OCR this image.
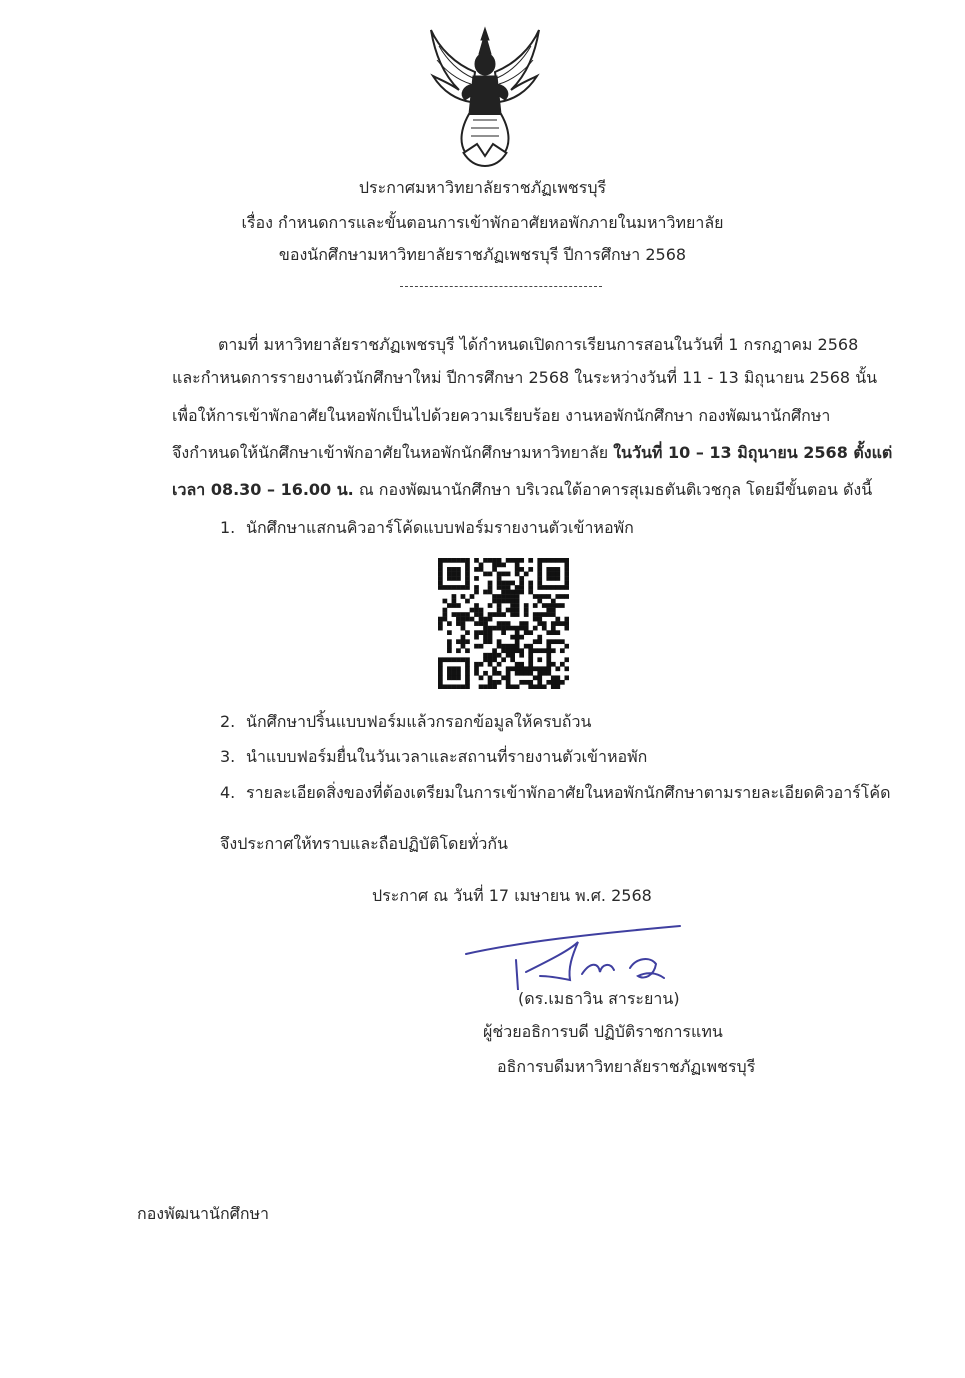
ประกาศมหาวิทยาลัยราชภัฏเพชรบุรี
เรื่อง กำหนดการและขั้นตอนการเข้าพักอาศัยหอพักภายในมหาวิทยาลัย
ของนักศึกษามหาวิทยาลัยราชภัฏเพชรบุรี ปีการศึกษา 2568
ตามที่ มหาวิทยาลัยราชภัฏเพชรบุรี ได้กำหนดเปิดการเรียนการสอนในวันที่ 1 กรกฎาคม 2568
และกำหนดการรายงานตัวนักศึกษาใหม่ ปีการศึกษา 2568 ในระหว่างวันที่ 11 - 13 มิถุนายน 2568 นั้น
เพื่อให้การเข้าพักอาศัยในหอพักเป็นไปด้วยความเรียบร้อย งานหอพักนักศึกษา กองพัฒนานักศึกษา
จึงกำหนดให้นักศึกษาเข้าพักอาศัยในหอพักนักศึกษามหาวิทยาลัย ในวันที่ 10 – 13 มิถุนายน 2568 ตั้งแต่
เวลา 08.30 – 16.00 น. ณ กองพัฒนานักศึกษา บริเวณใต้อาคารสุเมธตันติเวชกุล โดยมีขั้นตอน ดังนี้
1. นักศึกษาแสกนคิวอาร์โค้ดแบบฟอร์มรายงานตัวเข้าหอพัก
2. นักศึกษาปริ้นแบบฟอร์มแล้วกรอกข้อมูลให้ครบถ้วน
3. นำแบบฟอร์มยื่นในวันเวลาและสถานที่รายงานตัวเข้าหอพัก
4. รายละเอียดสิ่งของที่ต้องเตรียมในการเข้าพักอาศัยในหอพักนักศึกษาตามรายละเอียดคิวอาร์โค้ด
จึงประกาศให้ทราบและถือปฏิบัติโดยทั่วกัน
ประกาศ ณ วันที่ 17 เมษายน พ.ศ. 2568
(ดร.เมธาวิน สาระยาน)
ผู้ช่วยอธิการบดี ปฏิบัติราชการแทน
อธิการบดีมหาวิทยาลัยราชภัฏเพชรบุรี
กองพัฒนานักศึกษา
